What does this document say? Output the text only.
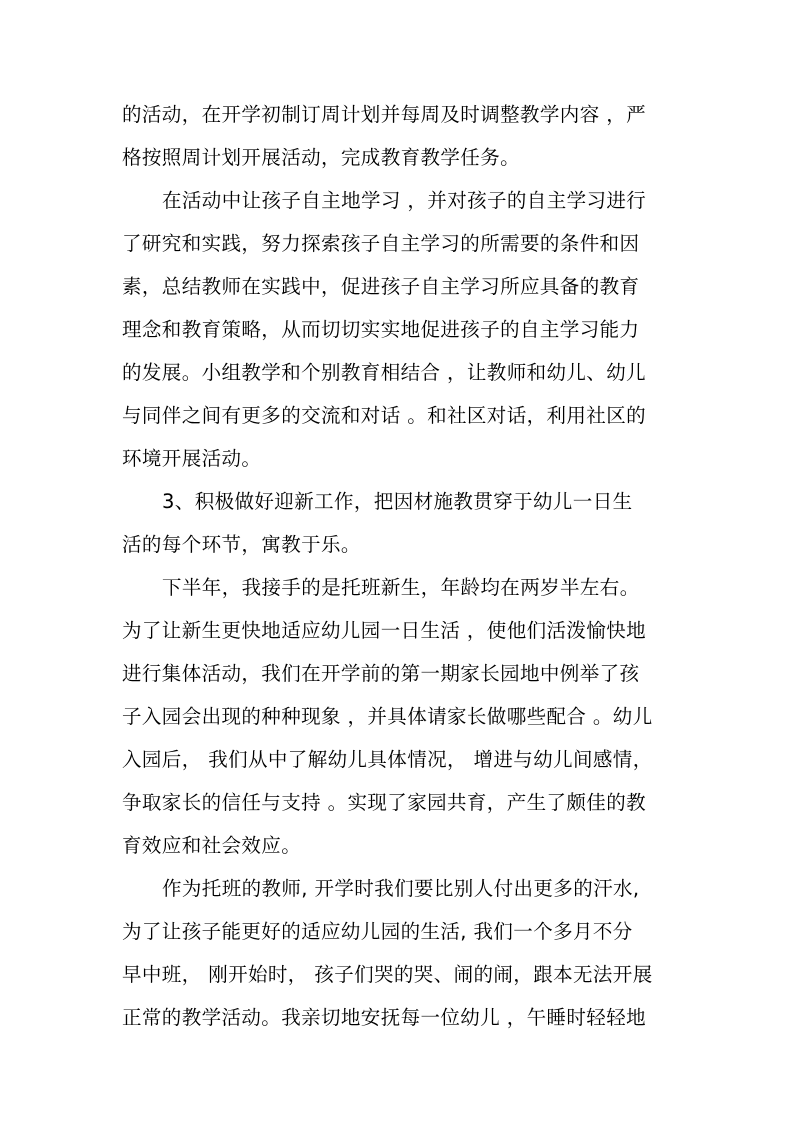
的活动，在开学初制订周计划并每周及时调整教学内容 ，严

格按照周计划开展活动，完成教育教学任务。

在活动中让孩子自主地学习 ，并对孩子的自主学习进行

了研究和实践，努力探索孩子自主学习的所需要的条件和因

素，总结教师在实践中，促进孩子自主学习所应具备的教育

理念和教育策略，从而切切实实地促进孩子的自主学习能力

的发展。小组教学和个别教育相结合 ，让教师和幼儿、幼儿

与同伴之间有更多的交流和对话 。和社区对话，利用社区的

环境开展活动。

3、积极做好迎新工作，把因材施教贯穿于幼儿一日生

活的每个环节，寓教于乐。

下半年，我接手的是托班新生，年龄均在两岁半左右。

为了让新生更快地适应幼儿园一日生活 ，使他们活泼愉快地

进行集体活动，我们在开学前的第一期家长园地中例举了孩

子入园会出现的种种现象 ，并具体请家长做哪些配合 。幼儿

入园后， 我们从中了解幼儿具体情况， 增进与幼儿间感情，

争取家长的信任与支持 。实现了家园共育，产生了颇佳的教

育效应和社会效应。

作为托班的教师, 开学时我们要比别人付出更多的汗水,

为了让孩子能更好的适应幼儿园的生活, 我们一个多月不分

早中班， 刚开始时， 孩子们哭的哭、闹的闹，跟本无法开展

正常的教学活动。我亲切地安抚每一位幼儿 ，午睡时轻轻地
